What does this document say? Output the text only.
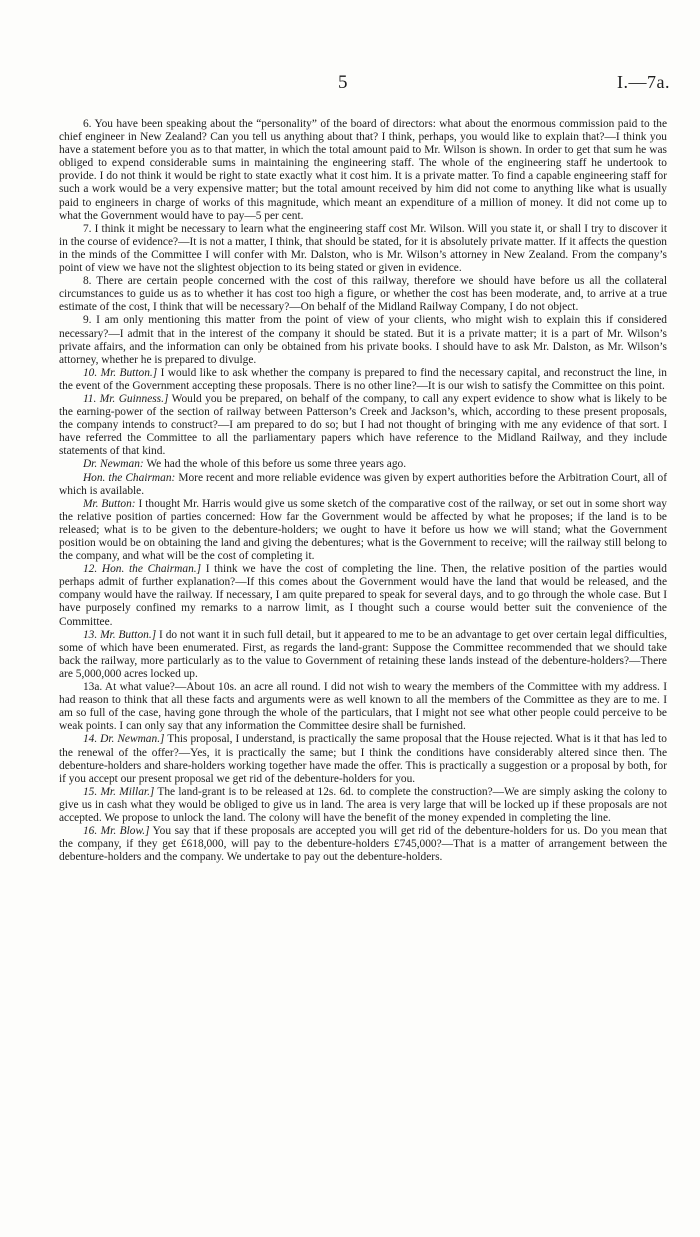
5	I.—7a.

6. You have been speaking about the “personality” of the board of directors: what about the enormous commission paid to the chief engineer in New Zealand? Can you tell us anything about that? I think, perhaps, you would like to explain that?—I think you have a statement before you as to that matter, in which the total amount paid to Mr. Wilson is shown. In order to get that sum he was obliged to expend considerable sums in maintaining the engineering staff. The whole of the engineering staff he undertook to provide. I do not think it would be right to state exactly what it cost him. It is a private matter. To find a capable engineering staff for such a work would be a very expensive matter; but the total amount received by him did not come to anything like what is usually paid to engineers in charge of works of this magnitude, which meant an expenditure of a million of money. It did not come up to what the Government would have to pay—5 per cent.

7. I think it might be necessary to learn what the engineering staff cost Mr. Wilson. Will you state it, or shall I try to discover it in the course of evidence?—It is not a matter, I think, that should be stated, for it is absolutely private matter. If it affects the question in the minds of the Committee I will confer with Mr. Dalston, who is Mr. Wilson’s attorney in New Zealand. From the company’s point of view we have not the slightest objection to its being stated or given in evidence.

8. There are certain people concerned with the cost of this railway, therefore we should have before us all the collateral circumstances to guide us as to whether it has cost too high a figure, or whether the cost has been moderate, and, to arrive at a true estimate of the cost, I think that will be necessary?—On behalf of the Midland Railway Company, I do not object.

9. I am only mentioning this matter from the point of view of your clients, who might wish to explain this if considered necessary?—I admit that in the interest of the company it should be stated. But it is a private matter; it is a part of Mr. Wilson’s private affairs, and the information can only be obtained from his private books. I should have to ask Mr. Dalston, as Mr. Wilson’s attorney, whether he is prepared to divulge.

10. Mr. Button.] I would like to ask whether the company is prepared to find the necessary capital, and reconstruct the line, in the event of the Government accepting these proposals. There is no other line?—It is our wish to satisfy the Committee on this point.

11. Mr. Guinness.] Would you be prepared, on behalf of the company, to call any expert evidence to show what is likely to be the earning-power of the section of railway between Patterson’s Creek and Jackson’s, which, according to these present proposals, the company intends to construct?—I am prepared to do so; but I had not thought of bringing with me any evidence of that sort. I have referred the Committee to all the parliamentary papers which have reference to the Midland Railway, and they include statements of that kind.

Dr. Newman: We had the whole of this before us some three years ago.

Hon. the Chairman: More recent and more reliable evidence was given by expert authorities before the Arbitration Court, all of which is available.

Mr. Button: I thought Mr. Harris would give us some sketch of the comparative cost of the railway, or set out in some short way the relative position of parties concerned: How far the Government would be affected by what he proposes; if the land is to be released; what is to be given to the debenture-holders; we ought to have it before us how we will stand; what the Government position would be on obtaining the land and giving the debentures; what is the Government to receive; will the railway still belong to the company, and what will be the cost of completing it.

12. Hon. the Chairman.] I think we have the cost of completing the line. Then, the relative position of the parties would perhaps admit of further explanation?—If this comes about the Government would have the land that would be released, and the company would have the railway. If necessary, I am quite prepared to speak for several days, and to go through the whole case. But I have purposely confined my remarks to a narrow limit, as I thought such a course would better suit the convenience of the Committee.

13. Mr. Button.] I do not want it in such full detail, but it appeared to me to be an advantage to get over certain legal difficulties, some of which have been enumerated. First, as regards the land-grant: Suppose the Committee recommended that we should take back the railway, more particularly as to the value to Government of retaining these lands instead of the debenture-holders?—There are 5,000,000 acres locked up.

13a. At what value?—About 10s. an acre all round. I did not wish to weary the members of the Committee with my address. I had reason to think that all these facts and arguments were as well known to all the members of the Committee as they are to me. I am so full of the case, having gone through the whole of the particulars, that I might not see what other people could perceive to be weak points. I can only say that any information the Committee desire shall be furnished.

14. Dr. Newman.] This proposal, I understand, is practically the same proposal that the House rejected. What is it that has led to the renewal of the offer?—Yes, it is practically the same; but I think the conditions have considerably altered since then. The debenture-holders and share-holders working together have made the offer. This is practically a suggestion or a proposal by both, for if you accept our present proposal we get rid of the debenture-holders for you.

15. Mr. Millar.] The land-grant is to be released at 12s. 6d. to complete the construction?—We are simply asking the colony to give us in cash what they would be obliged to give us in land. The area is very large that will be locked up if these proposals are not accepted. We propose to unlock the land. The colony will have the benefit of the money expended in completing the line.

16. Mr. Blow.] You say that if these proposals are accepted you will get rid of the debenture-holders for us. Do you mean that the company, if they get £618,000, will pay to the debenture-holders £745,000?—That is a matter of arrangement between the debenture-holders and the company. We undertake to pay out the debenture-holders.
